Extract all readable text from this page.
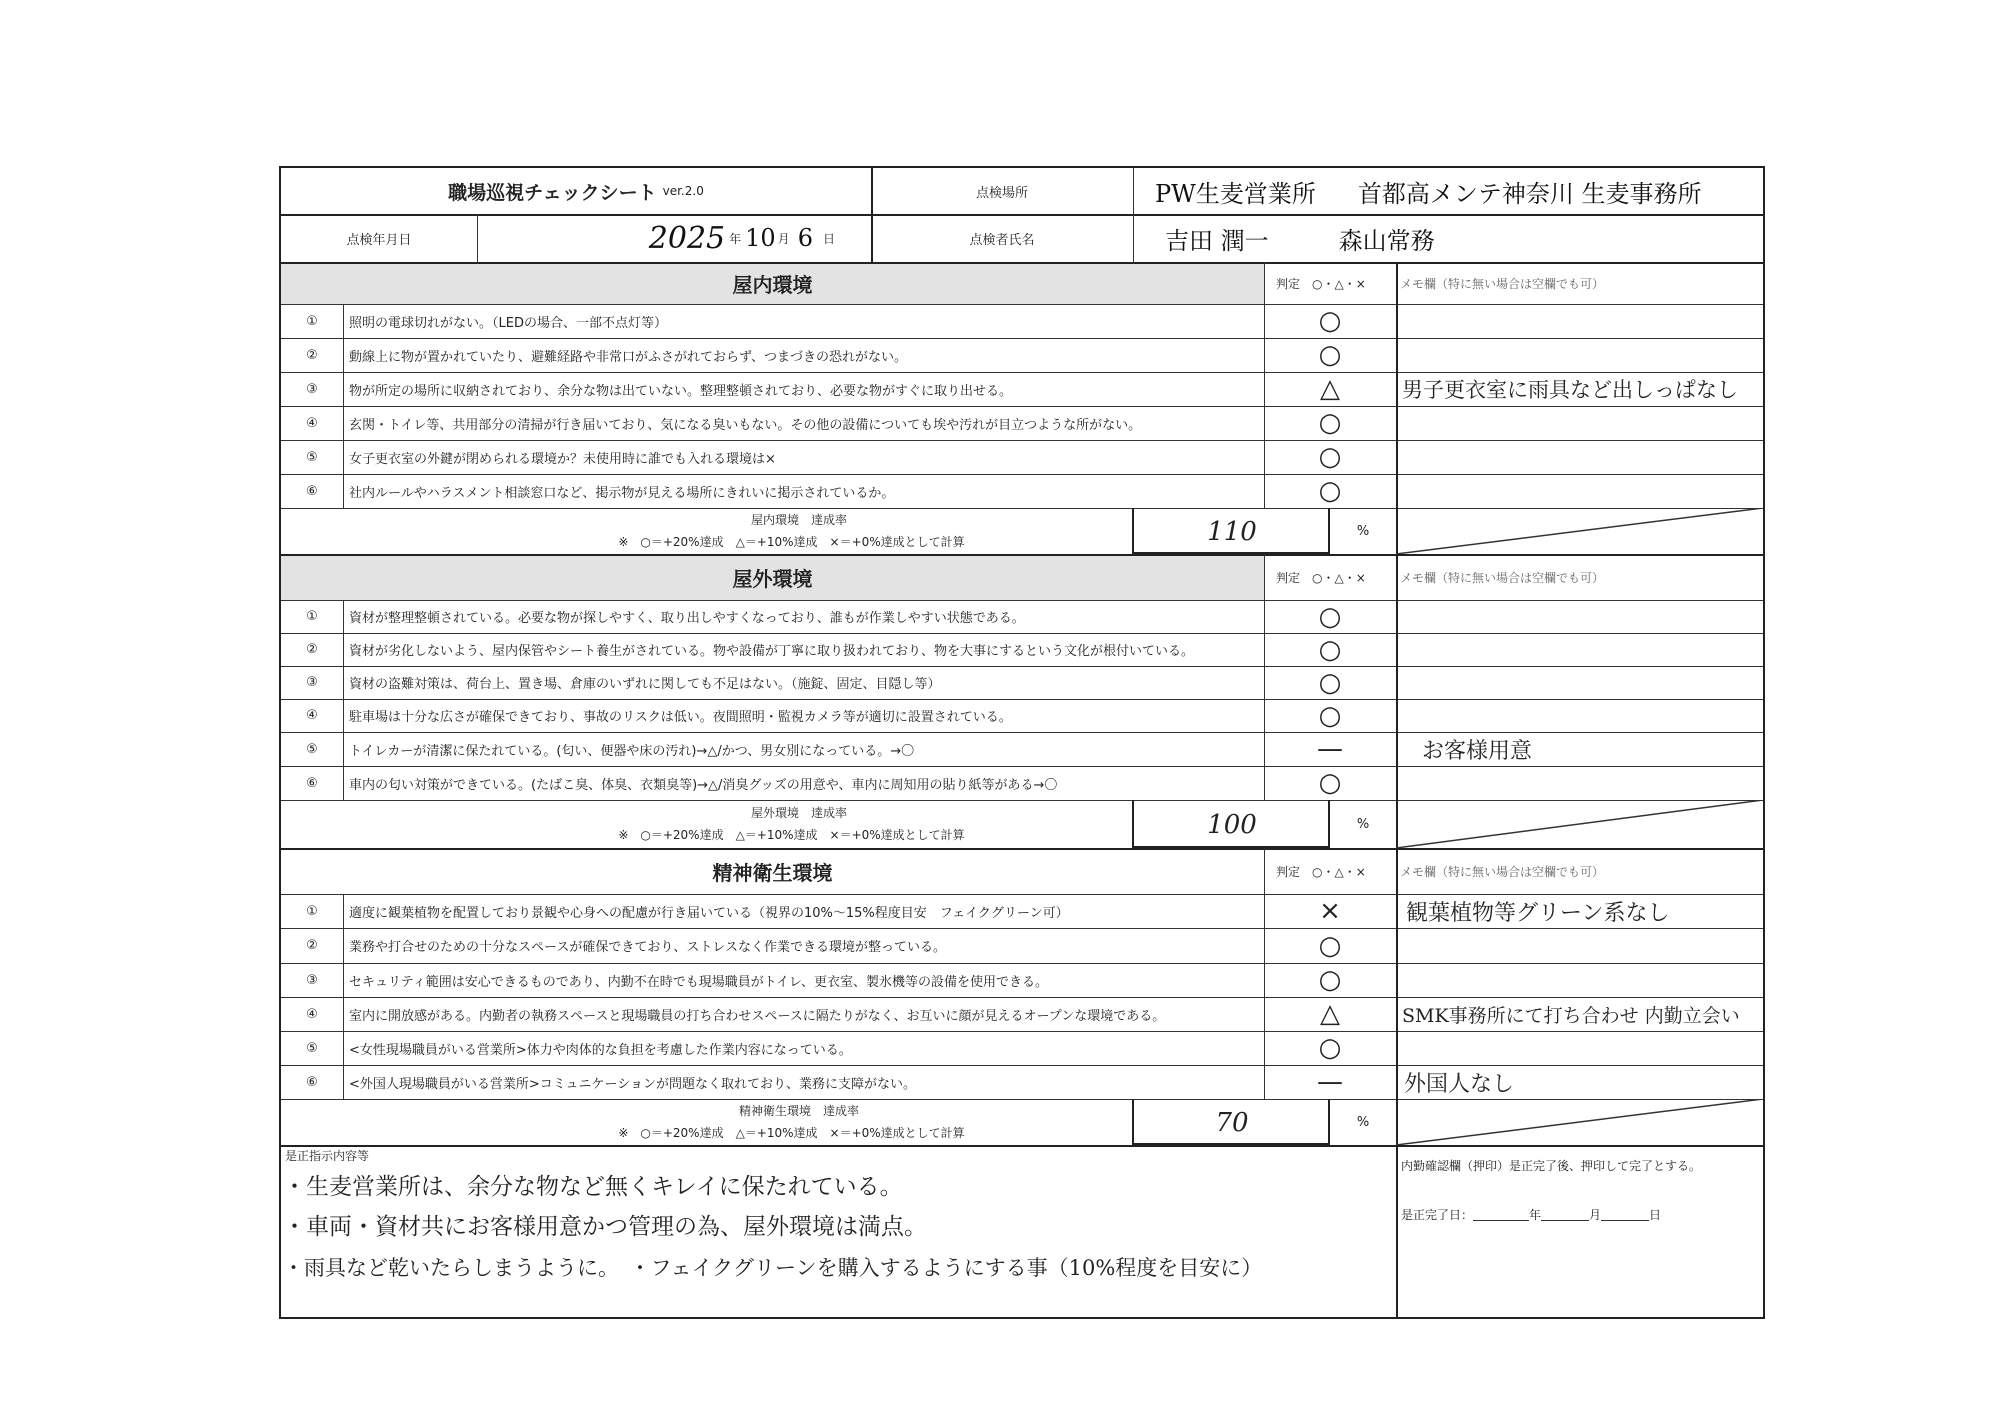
職場巡視チェックシート ver.2.0	点検場所	PW生麦営業所 首都高メンテ神奈川 生麦事務所
点検年月日	2025 年 10 月 6 日	点検者氏名	吉田 潤一	森山常務
屋内環境	判定　○・△・×	メモ欄（特に無い場合は空欄でも可）
①	照明の電球切れがない。（LEDの場合、一部不点灯等）	○
②	動線上に物が置かれていたり、避難経路や非常口がふさがれておらず、つまづきの恐れがない。	○
③	物が所定の場所に収納されており、余分な物は出ていない。整理整頓されており、必要な物がすぐに取り出せる。	△	男子更衣室に雨具など出しっぱなし
④	玄関・トイレ等、共用部分の清掃が行き届いており、気になる臭いもない。その他の設備についても埃や汚れが目立つような所がない。	○
⑤	女子更衣室の外鍵が閉められる環境か？未使用時に誰でも入れる環境は×	○
⑥	社内ルールやハラスメント相談窓口など、掲示物が見える場所にきれいに掲示されているか。	○
屋内環境　達成率
※　○＝+20%達成　△＝+10%達成　×＝+0%達成として計算	110	%
屋外環境	判定　○・△・×	メモ欄（特に無い場合は空欄でも可）
①	資材が整理整頓されている。必要な物が探しやすく、取り出しやすくなっており、誰もが作業しやすい状態である。	○
②	資材が劣化しないよう、屋内保管やシート養生がされている。物や設備が丁寧に取り扱われており、物を大事にするという文化が根付いている。	○
③	資材の盗難対策は、荷台上、置き場、倉庫のいずれに関しても不足はない。（施錠、固定、目隠し等）	○
④	駐車場は十分な広さが確保できており、事故のリスクは低い。夜間照明・監視カメラ等が適切に設置されている。	○
⑤	トイレカーが清潔に保たれている。(匂い、便器や床の汚れ)→△/かつ、男女別になっている。→〇	—	お客様用意
⑥	車内の匂い対策ができている。(たばこ臭、体臭、衣類臭等)→△/消臭グッズの用意や、車内に周知用の貼り紙等がある→〇	○
屋外環境　達成率
※　○＝+20%達成　△＝+10%達成　×＝+0%達成として計算	100	%
精神衛生環境	判定　○・△・×	メモ欄（特に無い場合は空欄でも可）
①	適度に観葉植物を配置しており景観や心身への配慮が行き届いている（視界の10%～15%程度目安　フェイクグリーン可）	×	観葉植物等グリーン系なし
②	業務や打合せのための十分なスペースが確保できており、ストレスなく作業できる環境が整っている。	○
③	セキュリティ範囲は安心できるものであり、内勤不在時でも現場職員がトイレ、更衣室、製氷機等の設備を使用できる。	○
④	室内に開放感がある。内勤者の執務スペースと現場職員の打ち合わせスペースに隔たりがなく、お互いに顔が見えるオープンな環境である。	△	SMK事務所にて打ち合わせ 内勤立会い
⑤	<女性現場職員がいる営業所>体力や肉体的な負担を考慮した作業内容になっている。	○
⑥	<外国人現場職員がいる営業所>コミュニケーションが問題なく取れており、業務に支障がない。	—	外国人なし
精神衛生環境　達成率
※　○＝+20%達成　△＝+10%達成　×＝+0%達成として計算	70	%
是正指示内容等
・生麦営業所は、余分な物など無くキレイに保たれている。
・車両・資材共にお客様用意かつ管理の為、屋外環境は満点。
・雨具など乾いたらしまうように。　・フェイクグリーンを購入するようにする事（10%程度を目安に）
内勤確認欄（押印）是正完了後、押印して完了とする。
是正完了日：	年	月	日
